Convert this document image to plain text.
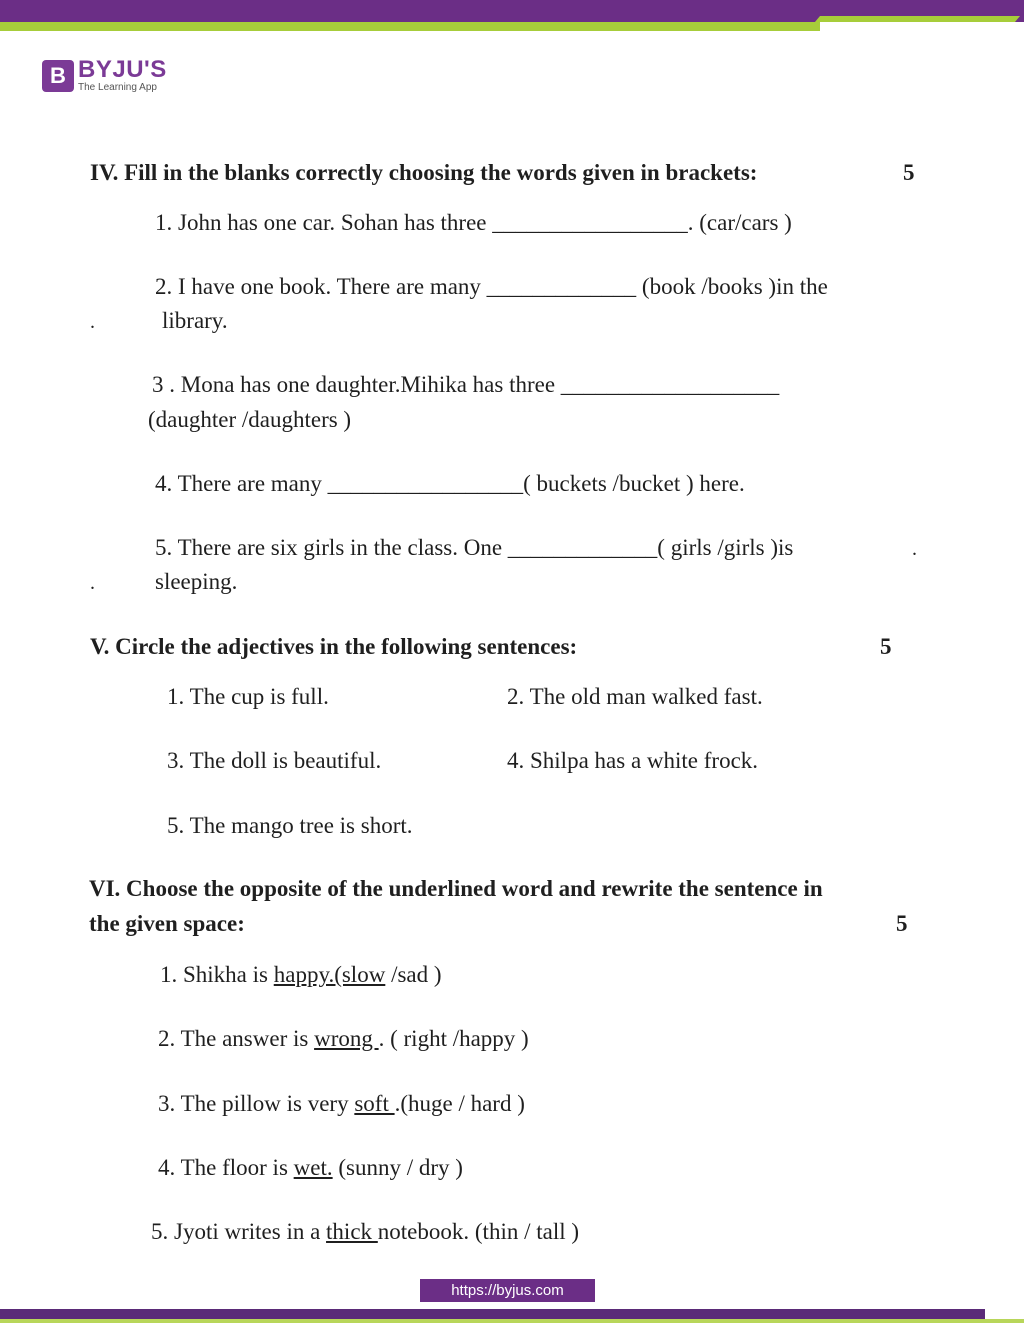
B BYJU'S
The Learning App
IV. Fill in the blanks correctly choosing the words given in brackets:	5
1. John has one car. Sohan has three _________________. (car/cars )
2. I have one book. There are many _____________ (book /books )in the
.	library.
3 . Mona has one daughter.Mihika has three ___________________
(daughter /daughters )
4. There are many _________________( buckets /bucket ) here.
5. There are six girls in the class. One _____________( girls /girls )is	.
.	sleeping.
V. Circle the adjectives in the following sentences:	5
1. The cup is full.	2. The old man walked fast.
3. The doll is beautiful.	4. Shilpa has a white frock.
5. The mango tree is short.
VI. Choose the opposite of the underlined word and rewrite the sentence in
the given space:	5
1. Shikha is happy.(slow /sad )
2. The answer is wrong . ( right /happy )
3. The pillow is very soft .(huge / hard )
4. The floor is wet. (sunny / dry )
5. Jyoti writes in a thick notebook. (thin / tall )
https://byjus.com
